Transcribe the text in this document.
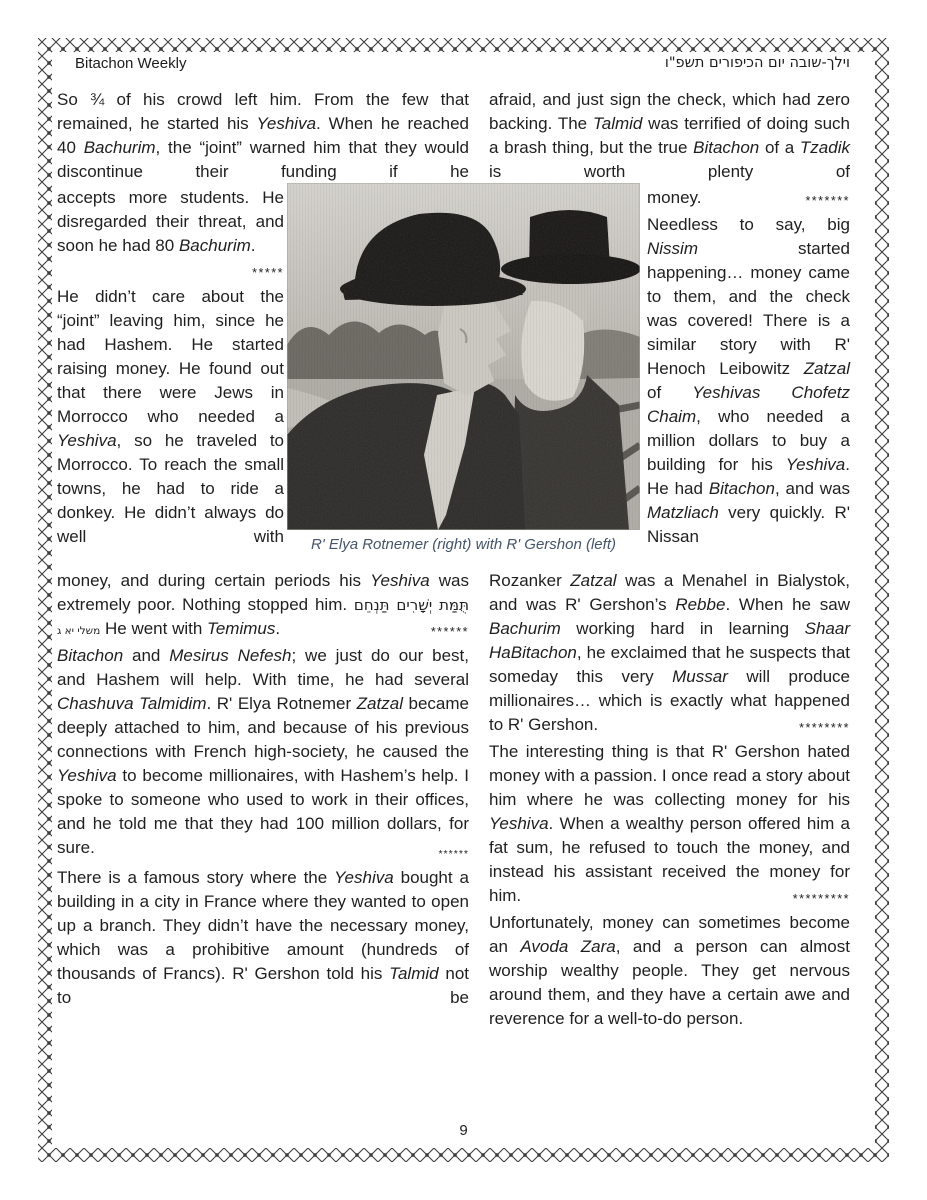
Bitachon Weekly	וילך-שובה יום הכיפורים תשפ"ו

So ¾ of his crowd left him. From the few that remained, he started his Yeshiva. When he reached 40 Bachurim, the “joint” warned him that they would discontinue their funding if he

accepts more students. He disregarded their threat, and soon he had 80 Bachurim.
*****

He didn’t care about the “joint” leaving him, since he had Hashem. He started raising money. He found out that there were Jews in Morrocco who needed a Yeshiva, so he traveled to Morrocco. To reach the small towns, he had to ride a donkey. He didn’t always do well with

money, and during certain periods his Yeshiva was extremely poor. Nothing stopped him. תֻּמַּת יְשָׁרִים תַּנְחֵם משלי יא ג He went with Temimus.	******

Bitachon and Mesirus Nefesh; we just do our best, and Hashem will help. With time, he had several Chashuva Talmidim. R' Elya Rotnemer Zatzal became deeply attached to him, and because of his previous connections with French high-society, he caused the Yeshiva to become millionaires, with Hashem’s help. I spoke to someone who used to work in their offices, and he told me that they had 100 million dollars, for sure.	******

There is a famous story where the Yeshiva bought a building in a city in France where they wanted to open up a branch. They didn’t have the necessary money, which was a prohibitive amount (hundreds of thousands of Francs). R' Gershon told his Talmid not to be

afraid, and just sign the check, which had zero backing. The Talmid was terrified of doing such a brash thing, but the true Bitachon of a Tzadik is worth plenty of

money.	*******

Needless to say, big Nissim started happening… money came to them, and the check was covered! There is a similar story with R' Henoch Leibowitz Zatzal of Yeshivas Chofetz Chaim, who needed a million dollars to buy a building for his Yeshiva. He had Bitachon, and was Matzliach very quickly. R' Nissan

Rozanker Zatzal was a Menahel in Bialystok, and was R' Gershon’s Rebbe. When he saw Bachurim working hard in learning Shaar HaBitachon, he exclaimed that he suspects that someday this very Mussar will produce millionaires… which is exactly what happened to R' Gershon.	********

The interesting thing is that R' Gershon hated money with a passion. I once read a story about him where he was collecting money for his Yeshiva. When a wealthy person offered him a fat sum, he refused to touch the money, and instead his assistant received the money for him.	*********

Unfortunately, money can sometimes become an Avoda Zara, and a person can almost worship wealthy people. They get nervous around them, and they have a certain awe and reverence for a well-to-do person.

R' Elya Rotnemer (right) with R' Gershon (left)
9
